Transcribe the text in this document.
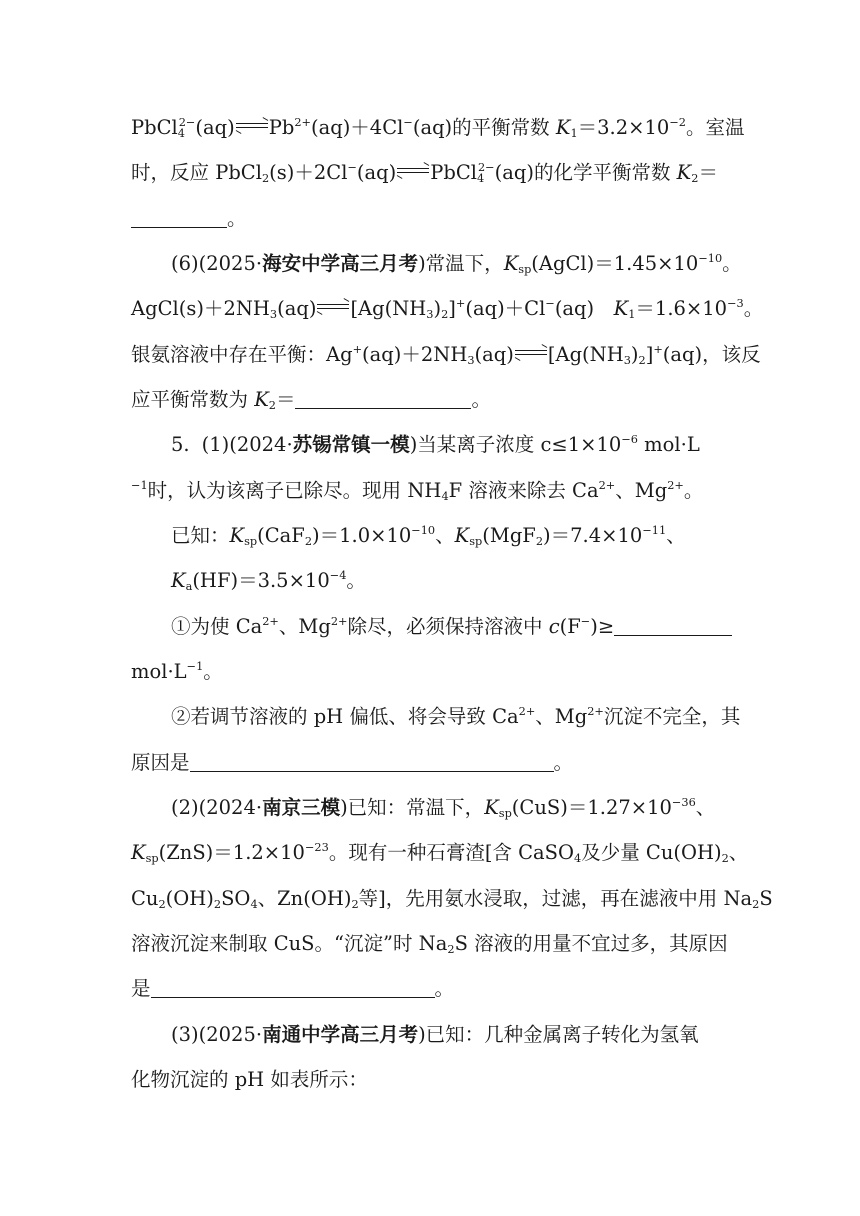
PbCl$_4^{2-}$(aq) $Pb^{2+}(aq)+4Cl^-(aq)$的平衡常数 $K_1=3.2\times 10^{-2}$。室温
时，反应 PbCl$_2$(s)＋2Cl−(aq) PbCl$_4^{2-}$(aq)的化学平衡常数 $K_2=$
。
(6)(2025·海安中学高三月考)常温下，$K_{sp}(AgCl)=1.45\times 10^{-10}$。
$AgCl(s)+2NH_3(aq)$ $[Ag(NH_3)_2]^+(aq)+Cl^-(aq)$　$K_1=1.6\times 10^{-3}$。
银氨溶液中存在平衡：$Ag^+(aq)+2NH_3(aq)$ $[Ag(NH_3)_2]^+(aq)$，该反
应平衡常数为 $K_2=$	。
5. (1)(2024·苏锡常镇一模)当某离子浓度 $c\le 1\times 10^{-6}$ mol·L
$^{-1}$时，认为该离子已除尽。现用 $NH_4F$ 溶液来除去 $Ca^{2+}$、$Mg^{2+}$。
已知：$K_{sp}(CaF_2)=1.0\times 10^{-10}$、$K_{sp}(MgF_2)=7.4\times 10^{-11}$、
$K_a(HF)=3.5\times 10^{-4}$。
①为使 $Ca^{2+}$、$Mg^{2+}$除尽，必须保持溶液中 c(F−)≥
$mol\cdot L^{-1}$。
②若调节溶液的 pH 偏低、将会导致 $Ca^{2+}$、$Mg^{2+}$沉淀不完全，其
原因是	。
(2)(2024·南京三模)已知：常温下，$K_{sp}(CuS)=1.27\times 10^{-36}$、
$K_{sp}(ZnS)=1.2\times 10^{-23}$。现有一种石膏渣[含 CaSO$_4$及少量 $Cu(OH)_2$、
$Cu_2(OH)_2SO_4$、$Zn(OH)_2$等]，先用氨水浸取，过滤，再在滤液中用 $Na_2S$
溶液沉淀来制取 CuS。“沉淀”时 $Na_2S$ 溶液的用量不宜过多，其原因
是	。
(3)(2025·南通中学高三月考)已知：几种金属离子转化为氢氧
化物沉淀的 pH 如表所示：
